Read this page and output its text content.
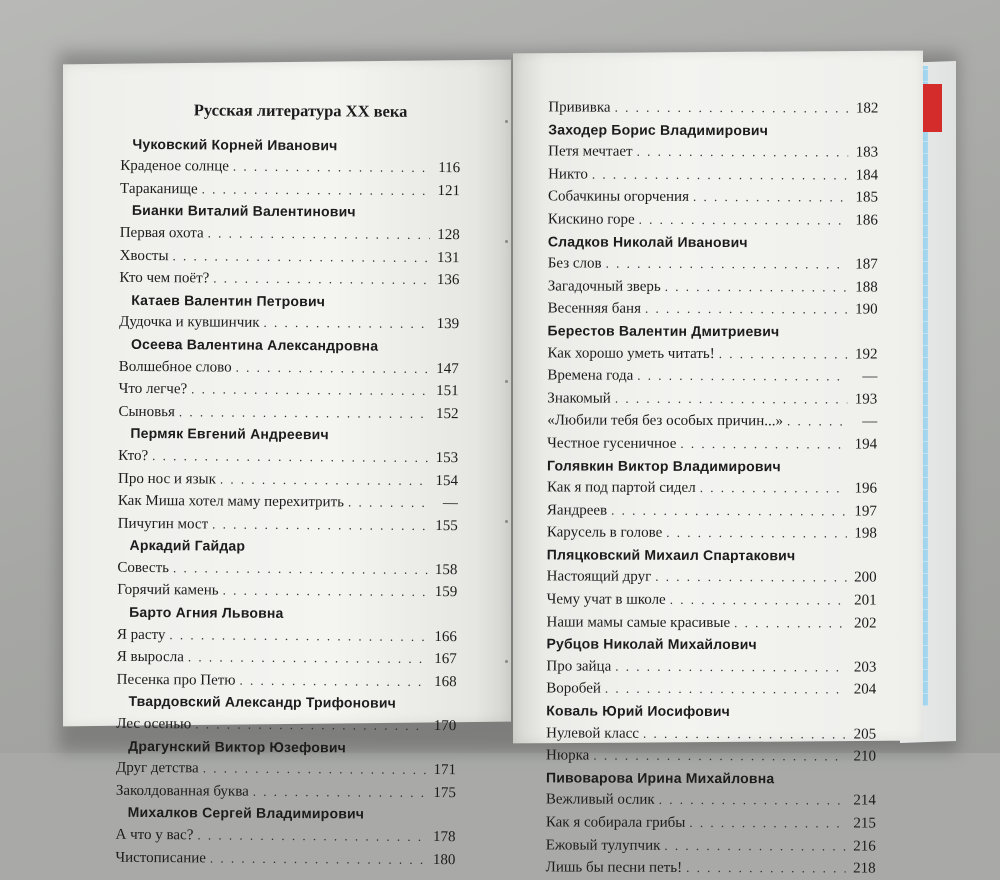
Русская литература XX века
Чуковский Корней Иванович
Краденое солнце . . .	116
Тараканище . . .	121
Бианки Виталий Валентинович
Первая охота . . .	128
Хвосты . . .	131
Кто чем поёт? . . .	136
Катаев Валентин Петрович
Дудочка и кувшинчик . . .	139
Осеева Валентина Александровна
Волшебное слово . . .	147
Что легче? . . .	151
Сыновья . . .	152
Пермяк Евгений Андреевич
Кто? . . .	153
Про нос и язык . . .	154
Как Миша хотел маму перехитрить . . .	—
Пичугин мост . . .	155
Аркадий Гайдар
Совесть . . .	158
Горячий камень . . .	159
Барто Агния Львовна
Я расту . . .	166
Я выросла . . .	167
Песенка про Петю . . .	168
Твардовский Александр Трифонович
Лес осенью . . .	170
Драгунский Виктор Юзефович
Друг детства . . .	171
Заколдованная буква . . .	175
Михалков Сергей Владимирович
А что у вас? . . .	178
Чистописание . . .	180
Прививка . . .	182
Заходер Борис Владимирович
Петя мечтает . . .	183
Никто . . .	184
Собачкины огорчения . . .	185
Кискино горе . . .	186
Сладков Николай Иванович
Без слов . . .	187
Загадочный зверь . . .	188
Весенняя баня . . .	190
Берестов Валентин Дмитриевич
Как хорошо уметь читать! . . .	192
Времена года . . .	—
Знакомый . . .	193
«Любили тебя без особых причин...» . . .	—
Честное гусеничное . . .	194
Голявкин Виктор Владимирович
Как я под партой сидел . . .	196
Яандреев . . .	197
Карусель в голове . . .	198
Пляцковский Михаил Спартакович
Настоящий друг . . .	200
Чему учат в школе . . .	201
Наши мамы самые красивые . . .	202
Рубцов Николай Михайлович
Про зайца . . .	203
Воробей . . .	204
Коваль Юрий Иосифович
Нулевой класс . . .	205
Нюрка . . .	210
Пивоварова Ирина Михайловна
Вежливый ослик . . .	214
Как я собирала грибы . . .	215
Ежовый тулупчик . . .	216
Лишь бы песни петь! . . .	218
